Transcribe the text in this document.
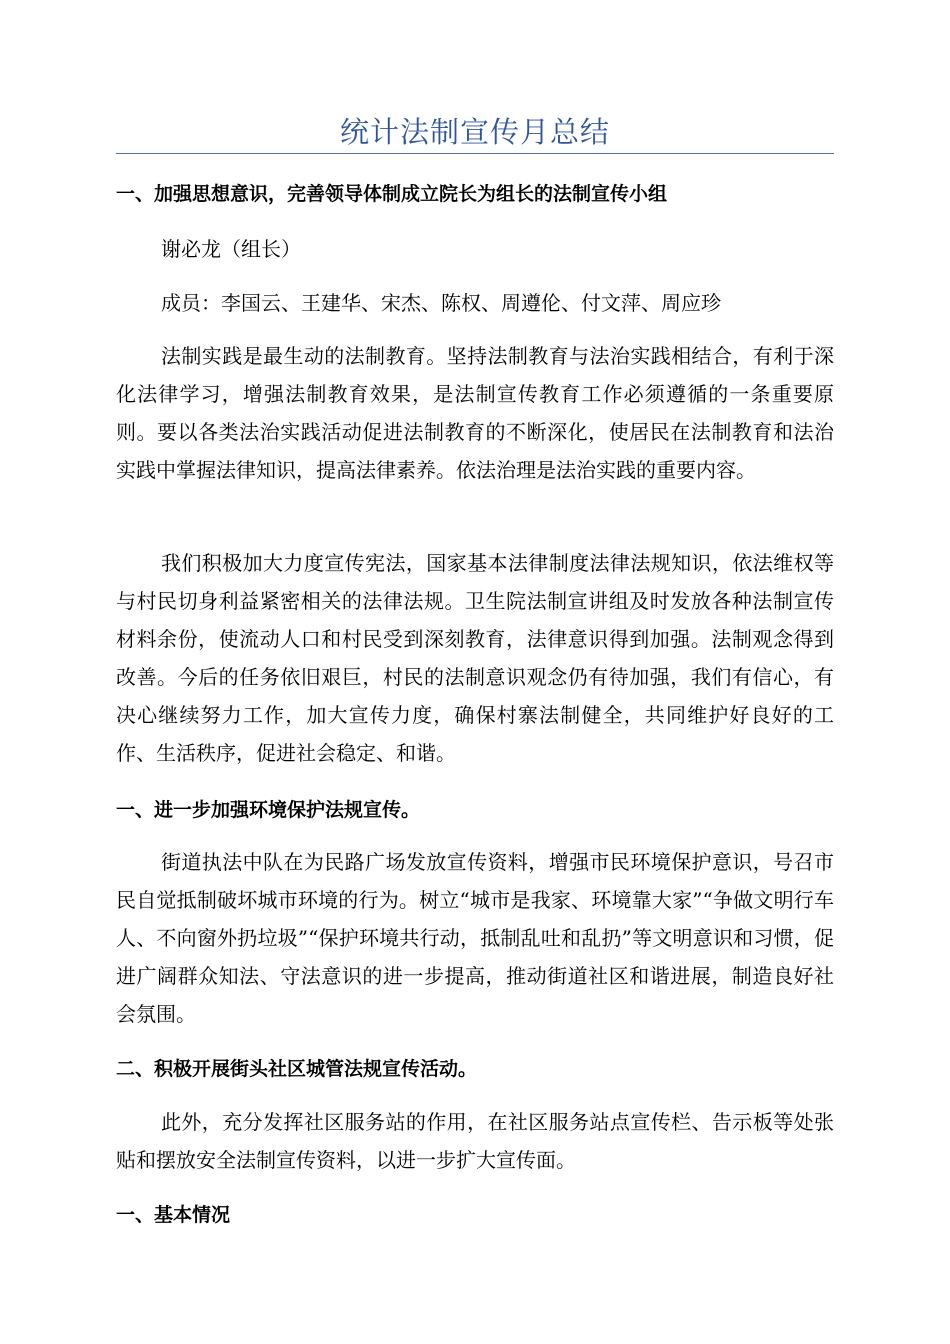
统计法制宣传月总结
一、加强思想意识，完善领导体制成立院长为组长的法制宣传小组
谢必龙（组长）
成员：李国云、王建华、宋杰、陈权、周遵伦、付文萍、周应珍
法制实践是最生动的法制教育。坚持法制教育与法治实践相结合，有利于深化法律学习，增强法制教育效果，是法制宣传教育工作必须遵循的一条重要原则。要以各类法治实践活动促进法制教育的不断深化，使居民在法制教育和法治实践中掌握法律知识，提高法律素养。依法治理是法治实践的重要内容。
我们积极加大力度宣传宪法，国家基本法律制度法律法规知识，依法维权等与村民切身利益紧密相关的法律法规。卫生院法制宣讲组及时发放各种法制宣传材料余份，使流动人口和村民受到深刻教育，法律意识得到加强。法制观念得到改善。今后的任务依旧艰巨，村民的法制意识观念仍有待加强，我们有信心，有决心继续努力工作，加大宣传力度，确保村寨法制健全，共同维护好良好的工作、生活秩序，促进社会稳定、和谐。
一、进一步加强环境保护法规宣传。
街道执法中队在为民路广场发放宣传资料，增强市民环境保护意识，号召市民自觉抵制破坏城市环境的行为。树立“城市是我家、环境靠大家”“争做文明行车人、不向窗外扔垃圾”“保护环境共行动，抵制乱吐和乱扔”等文明意识和习惯，促进广阔群众知法、守法意识的进一步提高，推动街道社区和谐进展，制造良好社会氛围。
二、积极开展街头社区城管法规宣传活动。
此外，充分发挥社区服务站的作用，在社区服务站点宣传栏、告示板等处张贴和摆放安全法制宣传资料，以进一步扩大宣传面。
一、基本情况
